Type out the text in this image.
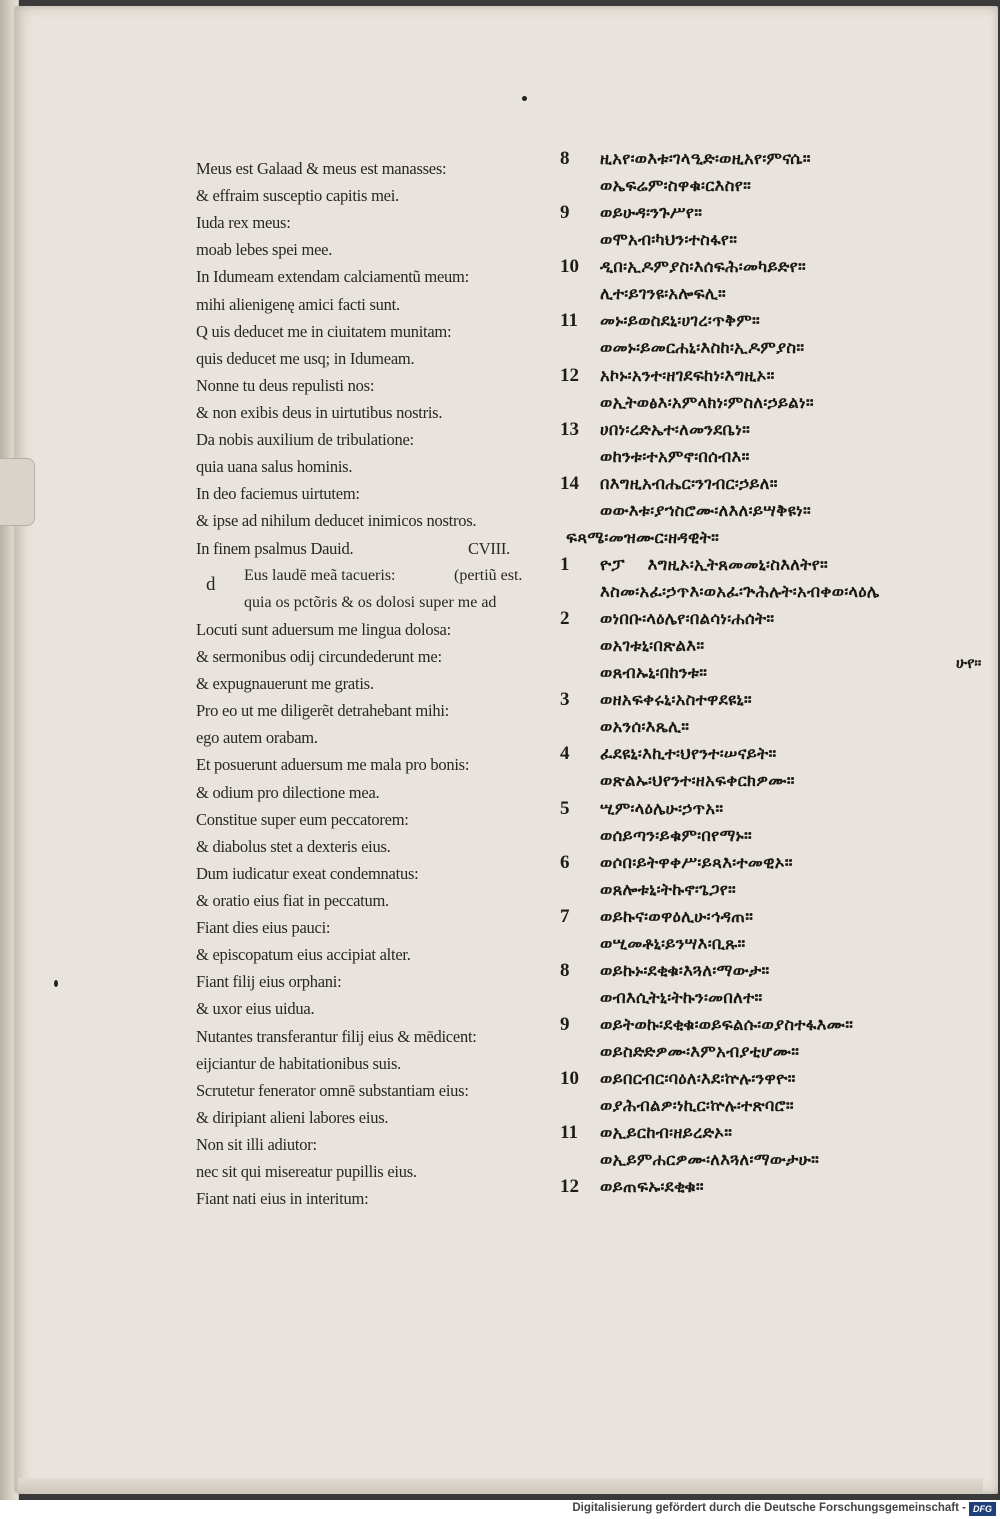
Meus est Galaad & meus est manasses:
& effraim susceptio capitis mei.
Iuda rex meus:
moab lebes spei mee.
In Idumeam extendam calciamentũ meum:
mihi alienigenę amici facti sunt.
Q uis deducet me in ciuitatem munitam:
quis deducet me usq; in Idumeam.
Nonne tu deus repulisti nos:
& non exibis deus in uirtutibus nostris.
Da nobis auxilium de tribulatione:
quia uana salus hominis.
In deo faciemus uirtutem:
& ipse ad nihilum deducet inimicos nostros.
In finem psalmus Dauid.	CVIII.
d Eus laudē meã tacueris:	(pertiũ est.
quia os pctõris & os dolosi super me ad
Locuti sunt aduersum me lingua dolosa:
& sermonibus odij circundederunt me:
& expugnauerunt me gratis.
Pro eo ut me diligerẽt detrahebant mihi:
ego autem orabam.
Et posuerunt aduersum me mala pro bonis:
& odium pro dilectione mea.
Constitue super eum peccatorem:
& diabolus stet a dexteris eius.
Dum iudicatur exeat condemnatus:
& oratio eius fiat in peccatum.
Fiant dies eius pauci:
& episcopatum eius accipiat alter.
Fiant filij eius orphani:
& uxor eius uidua.
Nutantes transferantur filij eius & mēdicent:
eijciantur de habitationibus suis.
Scrutetur fenerator omnē substantiam eius:
& diripiant alieni labores eius.
Non sit illi adiutor:
nec sit qui misereatur pupillis eius.
Fiant nati eius in interitum:
8	ዚአየ፡ወእቱ፡ገላዒድ፡ወዚአየ፡ምናሴ።
ወኤፍሬም፡ስዋቁ፡ርእስየ።
9	ወይሁዳ፡ንጉሥየ።
ወሞአብ፡ካህን፡ተስፋየ።
10	ዲበ፡ኢዶምያስ፡እሰፍሕ፡መካይድየ።
ሊተ፡ይገንዩ፡አሎፍሊ።
11	መኑ፡ይወስደኒ፡ሀገረ፡ጥቅም።
ወመኑ፡ይመርሐኒ፡እስከ፡ኢዶምያስ።
12	አኮኑ፡አንተ፡ዘገደፍከነ፡እግዚኦ።
ወኢትወፅእ፡አምላክነ፡ምስለ፡ኃይልነ።
13	ሀበነ፡ረድኤተ፡ለመንደቤነ።
ወከንቱ፡ተአምኖ፡በሰብእ።
14	በእግዚአብሔር፡ንገብር፡ኃይለ።
ወውእቱ፡ያኀስሮሙ፡ለእለ፡ይሣቅዩነ።
ፍጻሜ፡መዝሙር፡ዘዳዊት።
1	ዮፓ　 እግዚኦ፡ኢትጸመመኒ፡ስእለትየ።
እስመ፡አፈ፡ኃጥእ፡ወአፈ፡ጕሕሉት፡አብቀወ፡ላዕሌ
2	ወነበቡ፡ላዕሌየ፡በልሳነ፡ሐሰት።
ወአገቱኒ፡በጽልእ።
ወጸብኡኒ፡በከንቱ።
3	ወዘአፍቀሩኒ፡አስተዋደዩኒ።
ወአንሰ፡እጼሊ።
4	ፈደዩኒ፡እኪተ፡ህየንተ፡ሠናይት።
ወጽልኡ፡ህየንተ፡ዘአፍቀርክዎሙ።
5	ሢም፡ላዕሌሁ፡ኃጥአ።
ወሰይጣን፡ይቁም፡በየማኑ።
6	ወሶበ፡ይትዋቀሥ፡ይጻእ፡ተመዊኦ።
ወጸሎቱኒ፡ትኩኖ፡ጌጋየ።
7	ወይኩና፡ወዋዕሊሁ፡ኅዳጠ።
ወሢመቶኒ፡ይንሣእ፡ቢጹ።
8	ወይኩኑ፡ደቂቁ፡እጓለ፡ማውታ።
ወብእሲትኒ፡ትኩን፡መበለተ።
9	ወይትወኩ፡ደቂቁ፡ወይፍልሱ፡ወያስተፋእሙ።
ወይስድድዎሙ፡እምአብያቲሆሙ።
10	ወይበርብር፡ባዕለ፡እደ፡ኵሉ፡ንዋዮ።
ወያሕብልዎ፡ነኪር፡ኵሉ፡ተጽባሮ።
11	ወኢይርከብ፡ዘይረድኦ።
ወኢይምሐርዎሙ፡ለእጓለ፡ማውታሁ።
12	ወይጠፍኡ፡ደቂቁ።
ሁየ።
Digitalisierung gefördert durch die Deutsche Forschungsgemeinschaft - DFG
